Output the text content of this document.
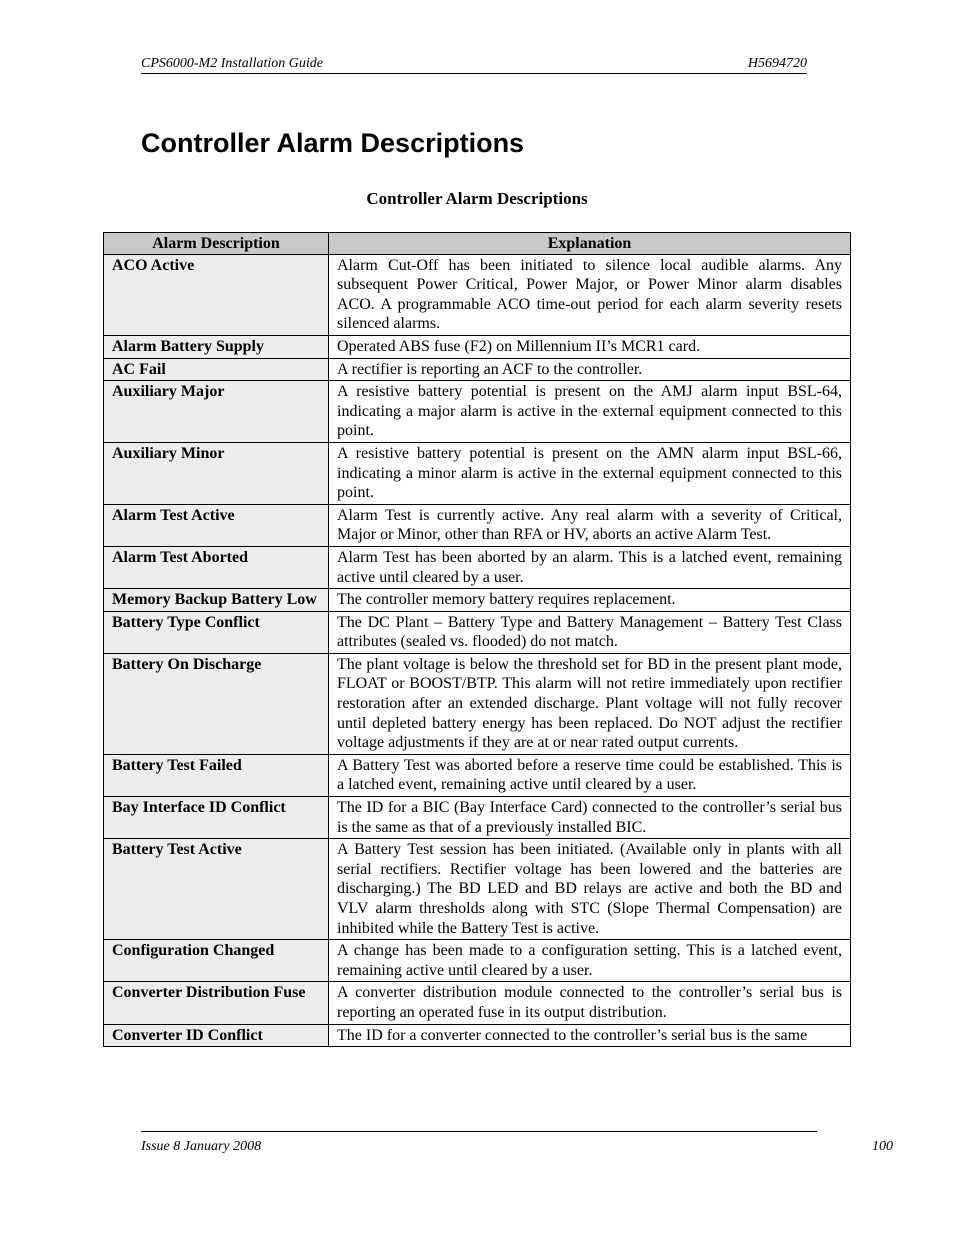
CPS6000-M2 Installation Guide	H5694720
Controller Alarm Descriptions
Controller Alarm Descriptions
Alarm Description	Explanation
ACO Active	Alarm Cut-Off has been initiated to silence local audible alarms. Any subsequent Power Critical, Power Major, or Power Minor alarm disables ACO. A programmable ACO time-out period for each alarm severity resets silenced alarms.
Alarm Battery Supply	Operated ABS fuse (F2) on Millennium II’s MCR1 card.
AC Fail	A rectifier is reporting an ACF to the controller.
Auxiliary Major	A resistive battery potential is present on the AMJ alarm input BSL-64, indicating a major alarm is active in the external equipment connected to this point.
Auxiliary Minor	A resistive battery potential is present on the AMN alarm input BSL-66, indicating a minor alarm is active in the external equipment connected to this point.
Alarm Test Active	Alarm Test is currently active. Any real alarm with a severity of Critical, Major or Minor, other than RFA or HV, aborts an active Alarm Test.
Alarm Test Aborted	Alarm Test has been aborted by an alarm. This is a latched event, remaining active until cleared by a user.
Memory Backup Battery Low	The controller memory battery requires replacement.
Battery Type Conflict	The DC Plant – Battery Type and Battery Management – Battery Test Class attributes (sealed vs. flooded) do not match.
Battery On Discharge	The plant voltage is below the threshold set for BD in the present plant mode, FLOAT or BOOST/BTP. This alarm will not retire immediately upon rectifier restoration after an extended discharge. Plant voltage will not fully recover until depleted battery energy has been replaced. Do NOT adjust the rectifier voltage adjustments if they are at or near rated output currents.
Battery Test Failed	A Battery Test was aborted before a reserve time could be established. This is a latched event, remaining active until cleared by a user.
Bay Interface ID Conflict	The ID for a BIC (Bay Interface Card) connected to the controller’s serial bus is the same as that of a previously installed BIC.
Battery Test Active	A Battery Test session has been initiated. (Available only in plants with all serial rectifiers. Rectifier voltage has been lowered and the batteries are discharging.) The BD LED and BD relays are active and both the BD and VLV alarm thresholds along with STC (Slope Thermal Compensation) are inhibited while the Battery Test is active.
Configuration Changed	A change has been made to a configuration setting. This is a latched event, remaining active until cleared by a user.
Converter Distribution Fuse	A converter distribution module connected to the controller’s serial bus is reporting an operated fuse in its output distribution.
Converter ID Conflict	The ID for a converter connected to the controller’s serial bus is the same
Issue 8 January 2008	100
